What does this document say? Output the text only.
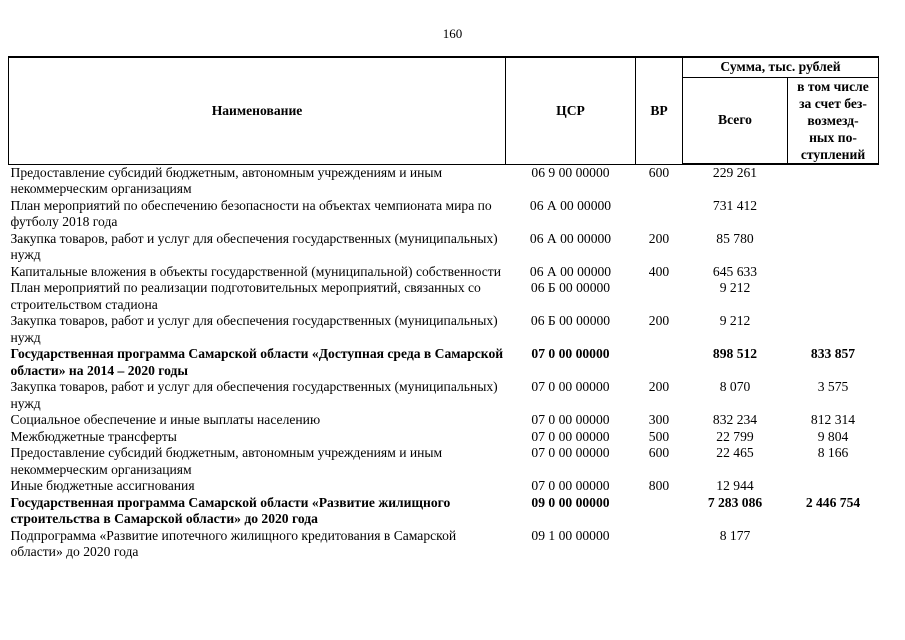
160
Наименование	ЦСР	ВР	Сумма, тыс. рублей	
			Всего	в том числе
за счет без-
возмезд-
ных по-
ступлений
Предоставление субсидий бюджетным, автономным учреждениям и иным некоммерческим организациям	06 9 00 00000	600	229 261	
План мероприятий по обеспечению безопасности на объектах чемпионата мира по футболу 2018 года	06 А 00 00000		731 412	
Закупка товаров, работ и услуг для обеспечения государственных (муниципальных) нужд	06 А 00 00000	200	85 780	
Капитальные вложения в объекты государственной (муниципальной) собственности	06 А 00 00000	400	645 633	
План мероприятий по реализации подготовительных мероприятий, связанных со строительством стадиона	06 Б 00 00000		9 212	
Закупка товаров, работ и услуг для обеспечения государственных (муниципальных) нужд	06 Б 00 00000	200	9 212	
Государственная программа Самарской области «Доступная среда в Самарской области» на 2014 – 2020 годы	07 0 00 00000		898 512	833 857
Закупка товаров, работ и услуг для обеспечения государственных (муниципальных) нужд	07 0 00 00000	200	8 070	3 575
Социальное обеспечение и иные выплаты населению	07 0 00 00000	300	832 234	812 314
Межбюджетные трансферты	07 0 00 00000	500	22 799	9 804
Предоставление субсидий бюджетным, автономным учреждениям и иным некоммерческим организациям	07 0 00 00000	600	22 465	8 166
Иные бюджетные ассигнования	07 0 00 00000	800	12 944	
Государственная программа Самарской области «Развитие жилищного строительства в Самарской области» до 2020 года	09 0 00 00000		7 283 086	2 446 754
Подпрограмма «Развитие ипотечного жилищного кредитования в Самарской области» до 2020 года	09 1 00 00000		8 177	
